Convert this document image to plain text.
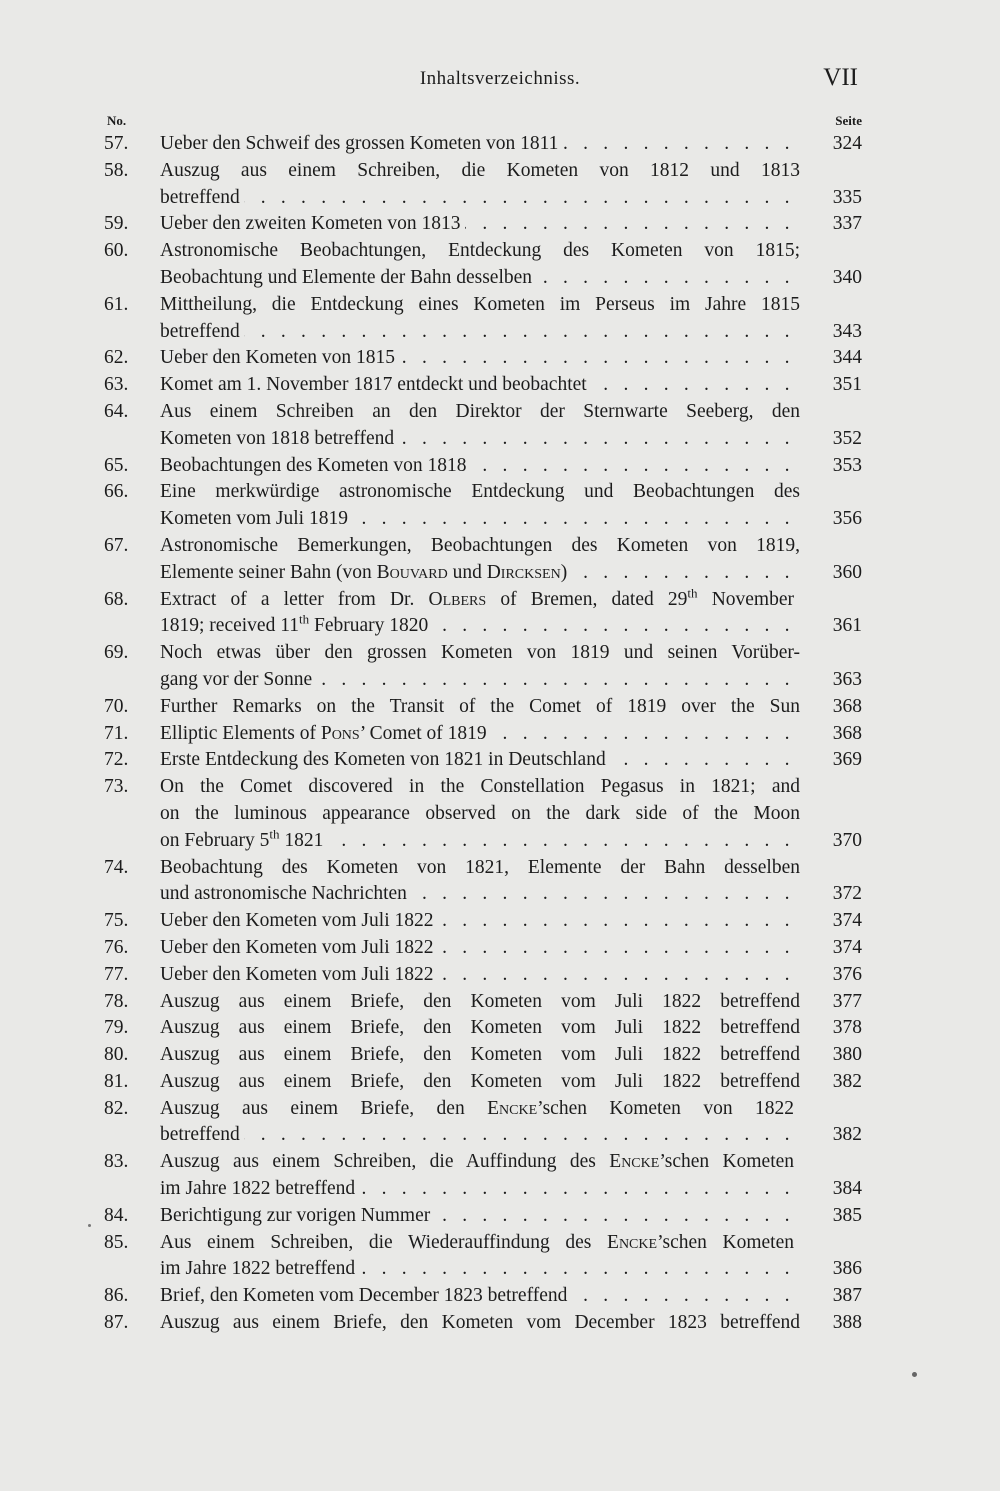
Inhaltsverzeichniss.	VII
No.	Seite
57.	Ueber den Schweif des grossen Kometen von 1811 . . .	324
58.	Auszug aus einem Schreiben, die Kometen von 1812 und 1813
betreffend . . .	335
59.	Ueber den zweiten Kometen von 1813 . . .	337
60.	Astronomische Beobachtungen, Entdeckung des Kometen von 1815;
Beobachtung und Elemente der Bahn desselben . . .	340
61.	Mittheilung, die Entdeckung eines Kometen im Perseus im Jahre 1815
betreffend . . .	343
62.	Ueber den Kometen von 1815 . . .	344
63.	Komet am 1. November 1817 entdeckt und beobachtet . . .	351
64.	Aus einem Schreiben an den Direktor der Sternwarte Seeberg, den
Kometen von 1818 betreffend . . .	352
65.	Beobachtungen des Kometen von 1818 . . .	353
66.	Eine merkwürdige astronomische Entdeckung und Beobachtungen des
Kometen vom Juli 1819 . . .	356
67.	Astronomische Bemerkungen, Beobachtungen des Kometen von 1819,
Elemente seiner Bahn (von Bouvard und Dircksen) . . .	360
68.	Extract of a letter from Dr. Olbers of Bremen, dated 29th November
1819; received 11th February 1820 . . .	361
69.	Noch etwas über den grossen Kometen von 1819 und seinen Vorüber-
gang vor der Sonne . . .	363
70.	Further Remarks on the Transit of the Comet of 1819 over the Sun	368
71.	Elliptic Elements of Pons’ Comet of 1819 . . .	368
72.	Erste Entdeckung des Kometen von 1821 in Deutschland . . .	369
73.	On the Comet discovered in the Constellation Pegasus in 1821; and
on the luminous appearance observed on the dark side of the Moon
on February 5th 1821 . . .	370
74.	Beobachtung des Kometen von 1821, Elemente der Bahn desselben
und astronomische Nachrichten . . .	372
75.	Ueber den Kometen vom Juli 1822 . . .	374
76.	Ueber den Kometen vom Juli 1822 . . .	374
77.	Ueber den Kometen vom Juli 1822 . . .	376
78.	Auszug aus einem Briefe, den Kometen vom Juli 1822 betreffend	377
79.	Auszug aus einem Briefe, den Kometen vom Juli 1822 betreffend	378
80.	Auszug aus einem Briefe, den Kometen vom Juli 1822 betreffend	380
81.	Auszug aus einem Briefe, den Kometen vom Juli 1822 betreffend	382
82.	Auszug aus einem Briefe, den Encke’schen Kometen von 1822
betreffend . . .	382
83.	Auszug aus einem Schreiben, die Auffindung des Encke’schen Kometen
im Jahre 1822 betreffend . . .	384
84.	Berichtigung zur vorigen Nummer . . .	385
85.	Aus einem Schreiben, die Wiederauffindung des Encke’schen Kometen
im Jahre 1822 betreffend . . .	386
86.	Brief, den Kometen vom December 1823 betreffend . . .	387
87.	Auszug aus einem Briefe, den Kometen vom December 1823 betreffend	388
